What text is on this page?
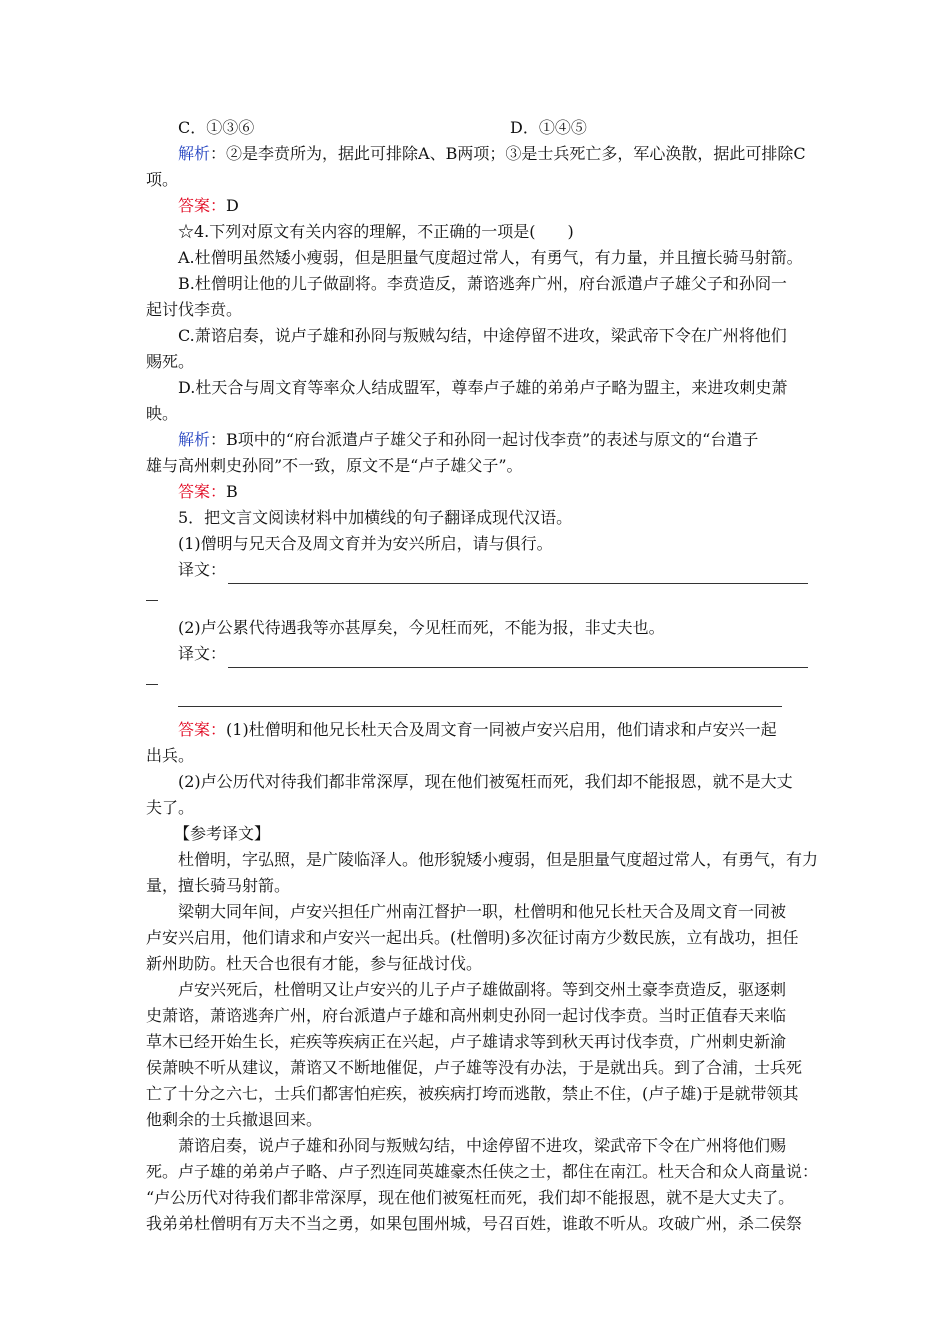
C．①③⑥	D．①④⑤
解析：②是李贲所为，据此可排除A、B两项；③是士兵死亡多，军心涣散，据此可排除C
项。
答案：D
☆4.下列对原文有关内容的理解，不正确的一项是(　　)
A.杜僧明虽然矮小瘦弱，但是胆量气度超过常人，有勇气，有力量，并且擅长骑马射箭。
B.杜僧明让他的儿子做副将。李贲造反，萧谘逃奔广州，府台派遣卢子雄父子和孙冏一
起讨伐李贲。
C.萧谘启奏，说卢子雄和孙冏与叛贼勾结，中途停留不进攻，梁武帝下令在广州将他们
赐死。
D.杜天合与周文育等率众人结成盟军，尊奉卢子雄的弟弟卢子略为盟主，来进攻刺史萧
映。
解析：B项中的“府台派遣卢子雄父子和孙冏一起讨伐李贲”的表述与原文的“台遣子
雄与高州刺史孙冏”不一致，原文不是“卢子雄父子”。
答案：B
5．把文言文阅读材料中加横线的句子翻译成现代汉语。
(1)僧明与兄天合及周文育并为安兴所启，请与俱行。
译文：
(2)卢公累代待遇我等亦甚厚矣，今见枉而死，不能为报，非丈夫也。
译文：
答案：(1)杜僧明和他兄长杜天合及周文育一同被卢安兴启用，他们请求和卢安兴一起
出兵。
(2)卢公历代对待我们都非常深厚，现在他们被冤枉而死，我们却不能报恩，就不是大丈
夫了。
【参考译文】
杜僧明，字弘照，是广陵临泽人。他形貌矮小瘦弱，但是胆量气度超过常人，有勇气，有力
量，擅长骑马射箭。
梁朝大同年间，卢安兴担任广州南江督护一职，杜僧明和他兄长杜天合及周文育一同被
卢安兴启用，他们请求和卢安兴一起出兵。(杜僧明)多次征讨南方少数民族，立有战功，担任
新州助防。杜天合也很有才能，参与征战讨伐。
卢安兴死后，杜僧明又让卢安兴的儿子卢子雄做副将。等到交州土豪李贲造反，驱逐刺
史萧谘，萧谘逃奔广州，府台派遣卢子雄和高州刺史孙冏一起讨伐李贲。当时正值春天来临
草木已经开始生长，疟疾等疾病正在兴起，卢子雄请求等到秋天再讨伐李贲，广州刺史新渝
侯萧映不听从建议，萧谘又不断地催促，卢子雄等没有办法，于是就出兵。到了合浦，士兵死
亡了十分之六七，士兵们都害怕疟疾，被疾病打垮而逃散，禁止不住，(卢子雄)于是就带领其
他剩余的士兵撤退回来。
萧谘启奏，说卢子雄和孙冏与叛贼勾结，中途停留不进攻，梁武帝下令在广州将他们赐
死。卢子雄的弟弟卢子略、卢子烈连同英雄豪杰任侠之士，都住在南江。杜天合和众人商量说：
“卢公历代对待我们都非常深厚，现在他们被冤枉而死，我们却不能报恩，就不是大丈夫了。
我弟弟杜僧明有万夫不当之勇，如果包围州城，号召百姓，谁敢不听从。攻破广州，杀二侯祭
